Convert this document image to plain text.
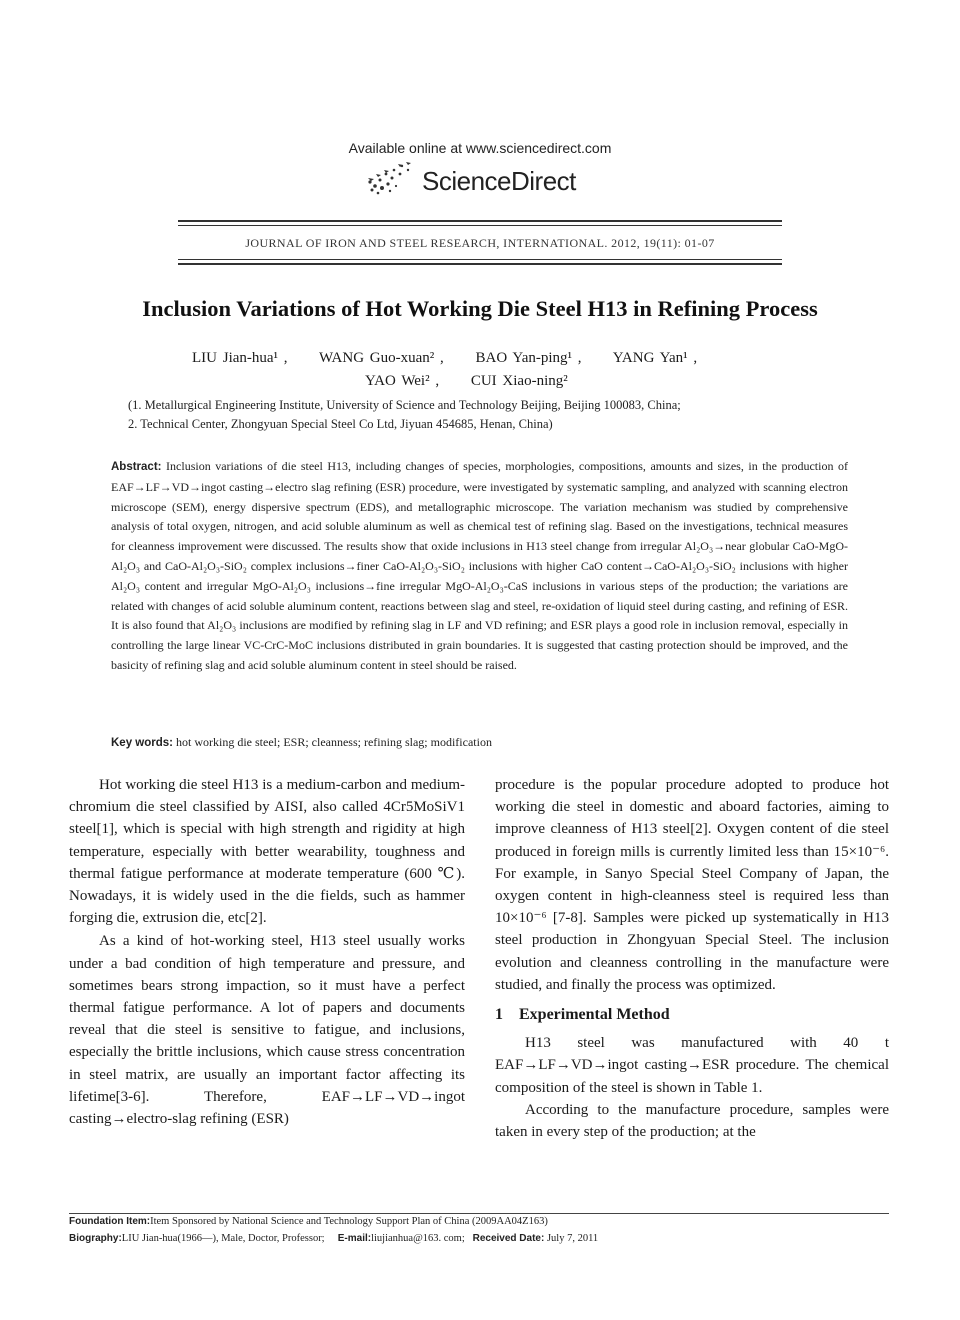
Available online at www.sciencedirect.com
ScienceDirect
JOURNAL OF IRON AND STEEL RESEARCH, INTERNATIONAL. 2012, 19(11): 01-07
Inclusion Variations of Hot Working Die Steel H13 in Refining Process
LIU Jian-hua¹ , WANG Guo-xuan² , BAO Yan-ping¹ , YANG Yan¹ ,
YAO Wei² , CUI Xiao-ning²
(1. Metallurgical Engineering Institute, University of Science and Technology Beijing, Beijing 100083, China;
2. Technical Center, Zhongyuan Special Steel Co Ltd, Jiyuan 454685, Henan, China)
Abstract: Inclusion variations of die steel H13, including changes of species, morphologies, compositions, amounts and sizes, in the production of EAF→LF→VD→ingot casting→electro slag refining (ESR) procedure, were investigated by systematic sampling, and analyzed with scanning electron microscope (SEM), energy dispersive spectrum (EDS), and metallographic microscope. The variation mechanism was studied by comprehensive analysis of total oxygen, nitrogen, and acid soluble aluminum as well as chemical test of refining slag. Based on the investigations, technical measures for cleanness improvement were discussed. The results show that oxide inclusions in H13 steel change from irregular Al₂O₃→near globular CaO-MgO-Al₂O₃ and CaO-Al₂O₃-SiO₂ complex inclusions→finer CaO-Al₂O₃-SiO₂ inclusions with higher CaO content→CaO-Al₂O₃-SiO₂ inclusions with higher Al₂O₃ content and irregular MgO-Al₂O₃ inclusions→fine irregular MgO-Al₂O₃-CaS inclusions in various steps of the production; the variations are related with changes of acid soluble aluminum content, reactions between slag and steel, re-oxidation of liquid steel during casting, and refining of ESR. It is also found that Al₂O₃ inclusions are modified by refining slag in LF and VD refining; and ESR plays a good role in inclusion removal, especially in controlling the large linear VC-CrC-MoC inclusions distributed in grain boundaries. It is suggested that casting protection should be improved, and the basicity of refining slag and acid soluble aluminum content in steel should be raised.
Key words: hot working die steel; ESR; cleanness; refining slag; modification

Hot working die steel H13 is a medium-carbon and medium-chromium die steel classified by AISI, also called 4Cr5MoSiV1 steel[1], which is special with high strength and rigidity at high temperature, especially with better wearability, toughness and thermal fatigue performance at moderate temperature (600 ℃). Nowadays, it is widely used in the die fields, such as hammer forging die, extrusion die, etc[2].

As a kind of hot-working steel, H13 steel usually works under a bad condition of high temperature and pressure, and sometimes bears strong impaction, so it must have a perfect thermal fatigue performance. A lot of papers and documents reveal that die steel is sensitive to fatigue, and inclusions, especially the brittle inclusions, which cause stress concentration in steel matrix, are usually an important factor affecting its lifetime[3-6]. Therefore, EAF→LF→VD→ingot casting→electro-slag refining (ESR)

procedure is the popular procedure adopted to produce hot working die steel in domestic and aboard factories, aiming to improve cleanness of H13 steel[2]. Oxygen content of die steel produced in foreign mills is currently limited less than 15×10⁻⁶. For example, in Sanyo Special Steel Company of Japan, the oxygen content in high-cleanness steel is required less than 10×10⁻⁶ [7-8]. Samples were picked up systematically in H13 steel production in Zhongyuan Special Steel. The inclusion evolution and cleanness controlling in the manufacture were studied, and finally the process was optimized.

1 Experimental Method

H13 steel was manufactured with 40 t EAF→LF→VD→ingot casting→ESR procedure. The chemical composition of the steel is shown in Table 1.

According to the manufacture procedure, samples were taken in every step of the production; at the

Foundation Item:Item Sponsored by National Science and Technology Support Plan of China (2009AA04Z163)
Biography:LIU Jian-hua(1966—), Male, Doctor, Professor; E-mail:liujianhua@163. com; Received Date: July 7, 2011
